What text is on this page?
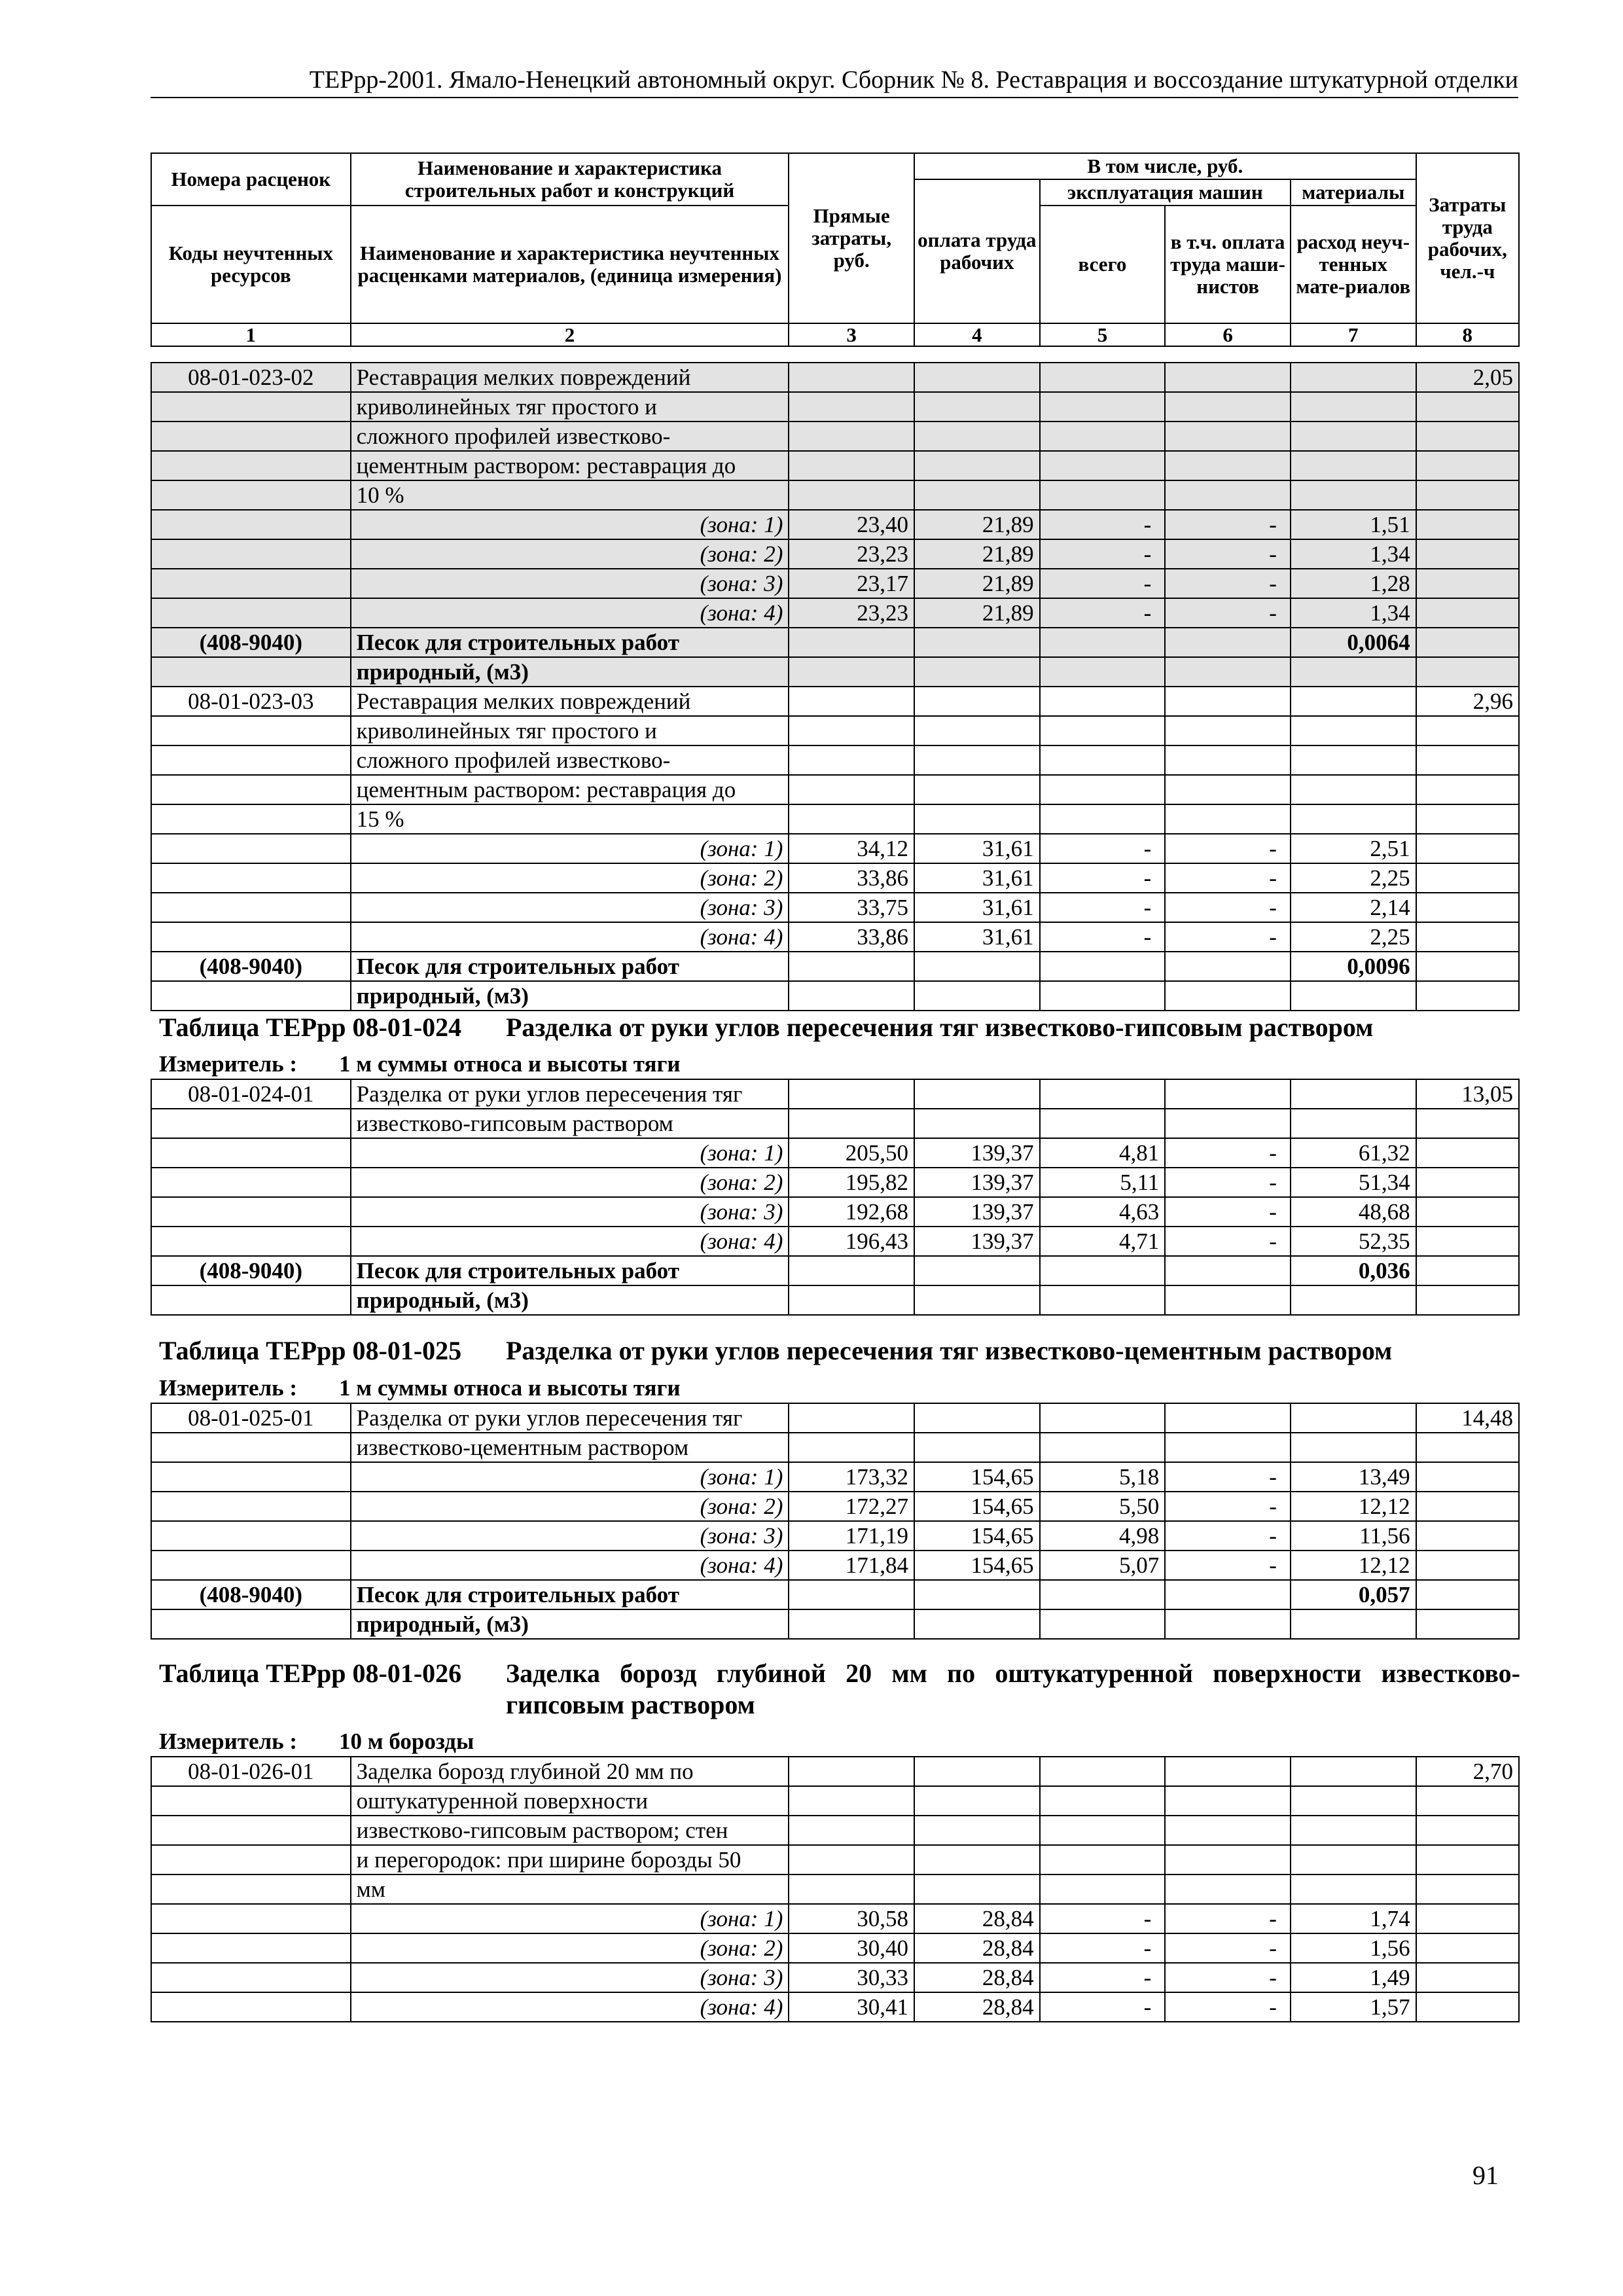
ТЕРрр-2001. Ямало-Ненецкий автономный округ. Сборник № 8. Реставрация и воссоздание штукатурной отделки
Номера расценок	Наименование и характеристика строительных работ и конструкций	Прямые затраты, руб.	В том числе, руб.				Затраты труда рабочих, чел.-ч
			оплата труда рабочих	эксплуатация машин		материалы	
Коды неучтенных ресурсов	Наименование и характеристика неучтенных расценками материалов, (единица измерения)			всего	в т.ч. оплата труда маши-нистов	расход неуч-тенных мате-риалов	

1	2	3	4	5	6	7	8
08-01-023-02	Реставрация мелких повреждений						2,05
	криволинейных тяг простого и						
	сложного профилей известково-						
	цементным раствором: реставрация до						
	10 %						
	(зона: 1)	23,40	21,89	-	-	1,51	
	(зона: 2)	23,23	21,89	-	-	1,34	
	(зона: 3)	23,17	21,89	-	-	1,28	
	(зона: 4)	23,23	21,89	-	-	1,34	
(408-9040)	Песок для строительных работ					0,0064	
	природный, (м3)						
08-01-023-03	Реставрация мелких повреждений						2,96
	криволинейных тяг простого и						
	сложного профилей известково-						
	цементным раствором: реставрация до						
	15 %						
	(зона: 1)	34,12	31,61	-	-	2,51	
	(зона: 2)	33,86	31,61	-	-	2,25	
	(зона: 3)	33,75	31,61	-	-	2,14	
	(зона: 4)	33,86	31,61	-	-	2,25	
(408-9040)	Песок для строительных работ					0,0096	
	природный, (м3)						
Таблица ТЕРрр 08-01-024 Разделка от руки углов пересечения тяг известково-гипсовым раствором
Измеритель : 1 м суммы относа и высоты тяги
08-01-024-01	Разделка от руки углов пересечения тяг						13,05
	известково-гипсовым раствором						
	(зона: 1)	205,50	139,37	4,81	-	61,32	
	(зона: 2)	195,82	139,37	5,11	-	51,34	
	(зона: 3)	192,68	139,37	4,63	-	48,68	
	(зона: 4)	196,43	139,37	4,71	-	52,35	
(408-9040)	Песок для строительных работ					0,036	
	природный, (м3)						
Таблица ТЕРрр 08-01-025 Разделка от руки углов пересечения тяг известково-цементным раствором
Измеритель : 1 м суммы относа и высоты тяги
08-01-025-01	Разделка от руки углов пересечения тяг						14,48
	известково-цементным раствором						
	(зона: 1)	173,32	154,65	5,18	-	13,49	
	(зона: 2)	172,27	154,65	5,50	-	12,12	
	(зона: 3)	171,19	154,65	4,98	-	11,56	
	(зона: 4)	171,84	154,65	5,07	-	12,12	
(408-9040)	Песок для строительных работ					0,057	
	природный, (м3)						
Таблица ТЕРрр 08-01-026	Заделка борозд глубиной 20 мм по оштукатуренной поверхности известково-гипсовым раствором
Измеритель : 10 м борозды
08-01-026-01	Заделка борозд глубиной 20 мм по						2,70
	оштукатуренной поверхности						
	известково-гипсовым раствором; стен						
	и перегородок: при ширине борозды 50						
	мм						
	(зона: 1)	30,58	28,84	-	-	1,74	
	(зона: 2)	30,40	28,84	-	-	1,56	
	(зона: 3)	30,33	28,84	-	-	1,49	
	(зона: 4)	30,41	28,84	-	-	1,57	
91
